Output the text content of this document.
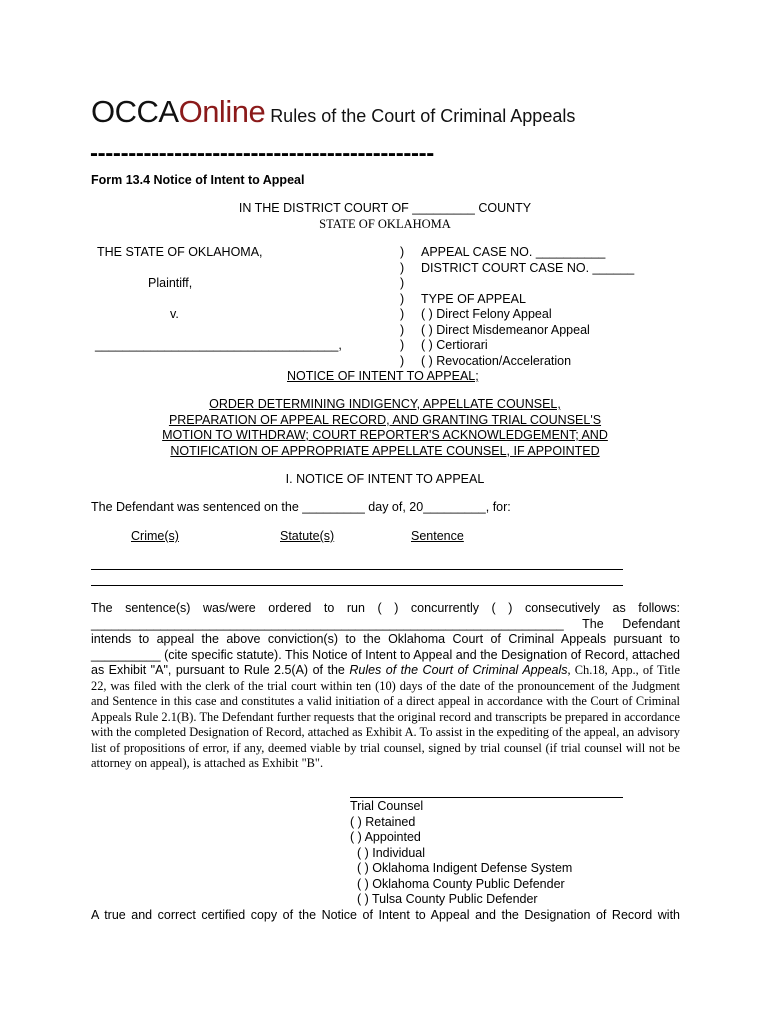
OCCAOnline Rules of the Court of Criminal Appeals
---------------------------------------------
Form 13.4 Notice of Intent to Appeal
IN THE DISTRICT COURT OF _________ COUNTY
STATE OF OKLAHOMA
THE STATE OF OKLAHOMA,
Plaintiff,
v.
___________________________________,
)
)
)
)
)
)
)
)
APPEAL CASE NO. __________
DISTRICT COURT CASE NO. ______
TYPE OF APPEAL
( ) Direct Felony Appeal
( ) Direct Misdemeanor Appeal
( ) Certiorari
( ) Revocation/Acceleration
NOTICE OF INTENT TO APPEAL;
ORDER DETERMINING INDIGENCY, APPELLATE COUNSEL,
PREPARATION OF APPEAL RECORD, AND GRANTING TRIAL COUNSEL'S
MOTION TO WITHDRAW; COURT REPORTER'S ACKNOWLEDGEMENT; AND
NOTIFICATION OF APPROPRIATE APPELLATE COUNSEL, IF APPOINTED
I. NOTICE OF INTENT TO APPEAL
The Defendant was sentenced on the _________ day of, 20_________, for:
Crime(s)	Statute(s)	Sentence
The sentence(s) was/were ordered to run ( ) concurrently ( ) consecutively as follows:
____________________________________________________________________ The Defendant
intends to appeal the above conviction(s) to the Oklahoma Court of Criminal Appeals pursuant to
__________ (cite specific statute). This Notice of Intent to Appeal and the Designation of Record, attached
as Exhibit "A", pursuant to Rule 2.5(A) of the Rules of the Court of Criminal Appeals, Ch.18, App., of Title
22, was filed with the clerk of the trial court within ten (10) days of the date of the pronouncement of the Judgment and Sentence in this case and constitutes a valid initiation of a direct appeal in accordance with the Court of Criminal Appeals Rule 2.1(B). The Defendant further requests that the original record and transcripts be prepared in accordance with the completed Designation of Record, attached as Exhibit A. To assist in the expediting of the appeal, an advisory list of propositions of error, if any, deemed viable by trial counsel, signed by trial counsel (if trial counsel will not be attorney on appeal), is attached as Exhibit "B".
Trial Counsel
( ) Retained
( ) Appointed
( ) Individual
( ) Oklahoma Indigent Defense System
( ) Oklahoma County Public Defender
( ) Tulsa County Public Defender
A true and correct certified copy of the Notice of Intent to Appeal and the Designation of Record with
